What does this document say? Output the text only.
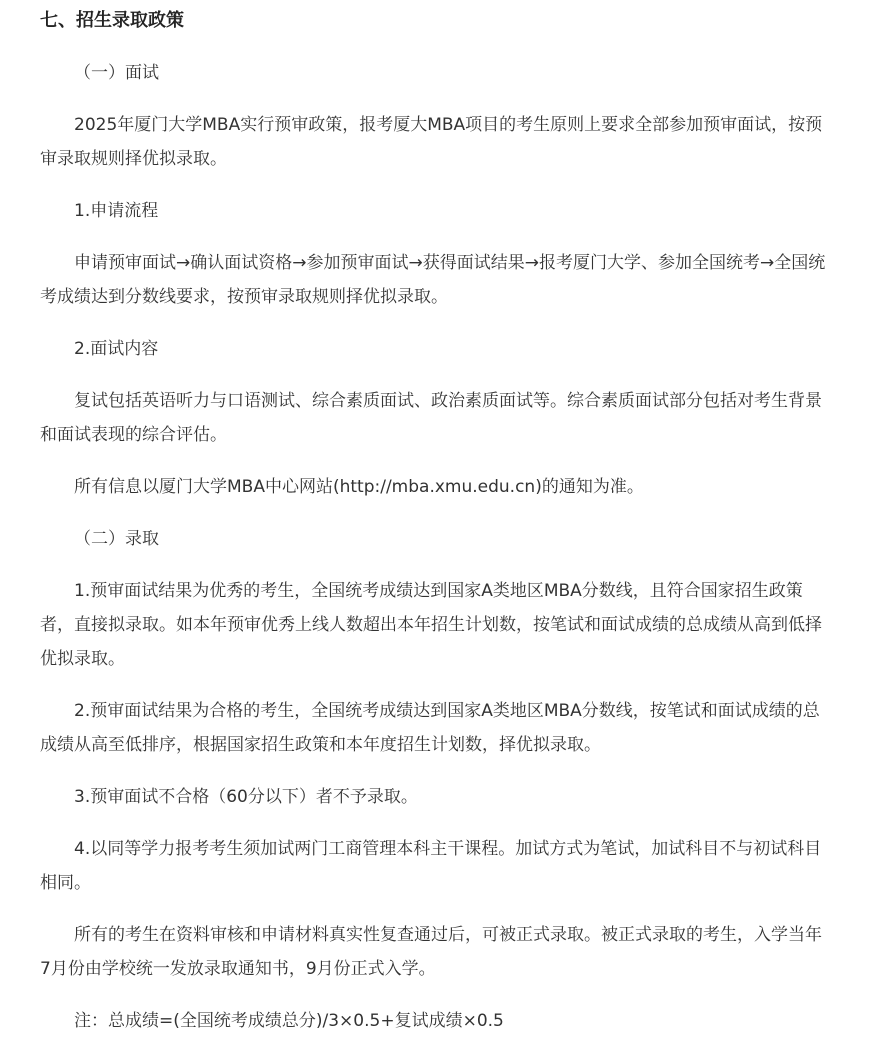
七、招生录取政策

（一）面试

2025年厦门大学MBA实行预审政策，报考厦大MBA项目的考生原则上要求全部参加预审面试，按预审录取规则择优拟录取。

1.申请流程

申请预审面试→确认面试资格→参加预审面试→获得面试结果→报考厦门大学、参加全国统考→全国统考成绩达到分数线要求，按预审录取规则择优拟录取。

2.面试内容

复试包括英语听力与口语测试、综合素质面试、政治素质面试等。综合素质面试部分包括对考生背景和面试表现的综合评估。

所有信息以厦门大学MBA中心网站(http://mba.xmu.edu.cn)的通知为准。

（二）录取

1.预审面试结果为优秀的考生，全国统考成绩达到国家A类地区MBA分数线，且符合国家招生政策者，直接拟录取。如本年预审优秀上线人数超出本年招生计划数，按笔试和面试成绩的总成绩从高到低择优拟录取。

2.预审面试结果为合格的考生，全国统考成绩达到国家A类地区MBA分数线，按笔试和面试成绩的总成绩从高至低排序，根据国家招生政策和本年度招生计划数，择优拟录取。

3.预审面试不合格（60分以下）者不予录取。

4.以同等学力报考考生须加试两门工商管理本科主干课程。加试方式为笔试，加试科目不与初试科目相同。

所有的考生在资料审核和申请材料真实性复查通过后，可被正式录取。被正式录取的考生，入学当年7月份由学校统一发放录取通知书，9月份正式入学。

注：总成绩=(全国统考成绩总分)/3×0.5+复试成绩×0.5
